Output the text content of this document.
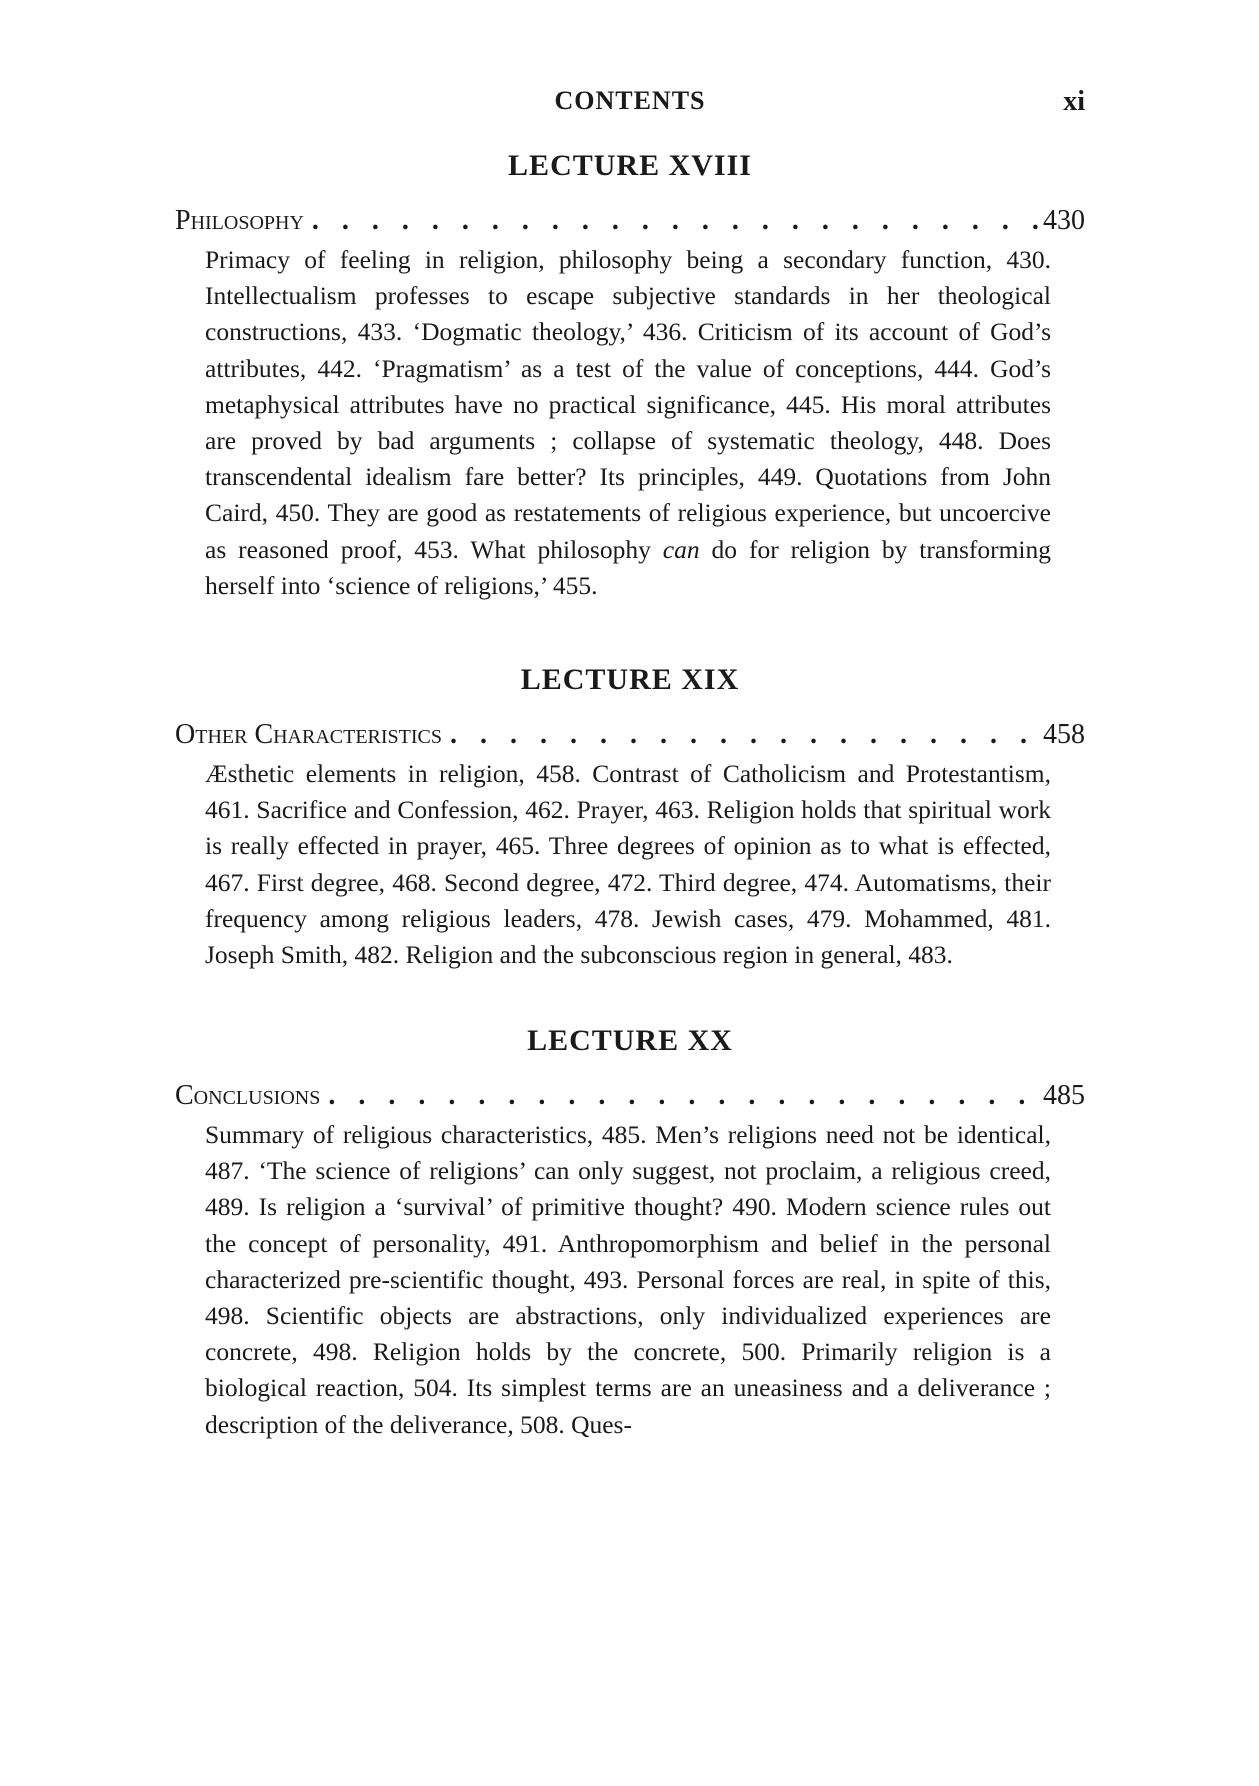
CONTENTS	xi
LECTURE XVIII
Philosophy .....	430

Primacy of feeling in religion, philosophy being a secondary function, 430. Intellectualism professes to escape subjective standards in her theological constructions, 433. ‘Dogmatic theology,’ 436. Criticism of its account of God’s attributes, 442. ‘Pragmatism’ as a test of the value of conceptions, 444. God’s metaphysical attributes have no practical significance, 445. His moral attributes are proved by bad arguments ; collapse of systematic theology, 448. Does transcendental idealism fare better? Its principles, 449. Quotations from John Caird, 450. They are good as restatements of religious experience, but uncoercive as reasoned proof, 453. What philosophy can do for religion by transforming herself into ‘science of religions,’ 455.

LECTURE XIX
Other Characteristics .....	458

Æsthetic elements in religion, 458. Contrast of Catholicism and Protestantism, 461. Sacrifice and Confession, 462. Prayer, 463. Religion holds that spiritual work is really effected in prayer, 465. Three degrees of opinion as to what is effected, 467. First degree, 468. Second degree, 472. Third degree, 474. Automatisms, their frequency among religious leaders, 478. Jewish cases, 479. Mohammed, 481. Joseph Smith, 482. Religion and the subconscious region in general, 483.

LECTURE XX
Conclusions .....	485

Summary of religious characteristics, 485. Men’s religions need not be identical, 487. ‘The science of religions’ can only suggest, not proclaim, a religious creed, 489. Is religion a ‘survival’ of primitive thought? 490. Modern science rules out the concept of personality, 491. Anthropomorphism and belief in the personal characterized pre-scientific thought, 493. Personal forces are real, in spite of this, 498. Scientific objects are abstractions, only individualized experiences are concrete, 498. Religion holds by the concrete, 500. Primarily religion is a biological reaction, 504. Its simplest terms are an uneasiness and a deliverance ; description of the deliverance, 508. Ques-
